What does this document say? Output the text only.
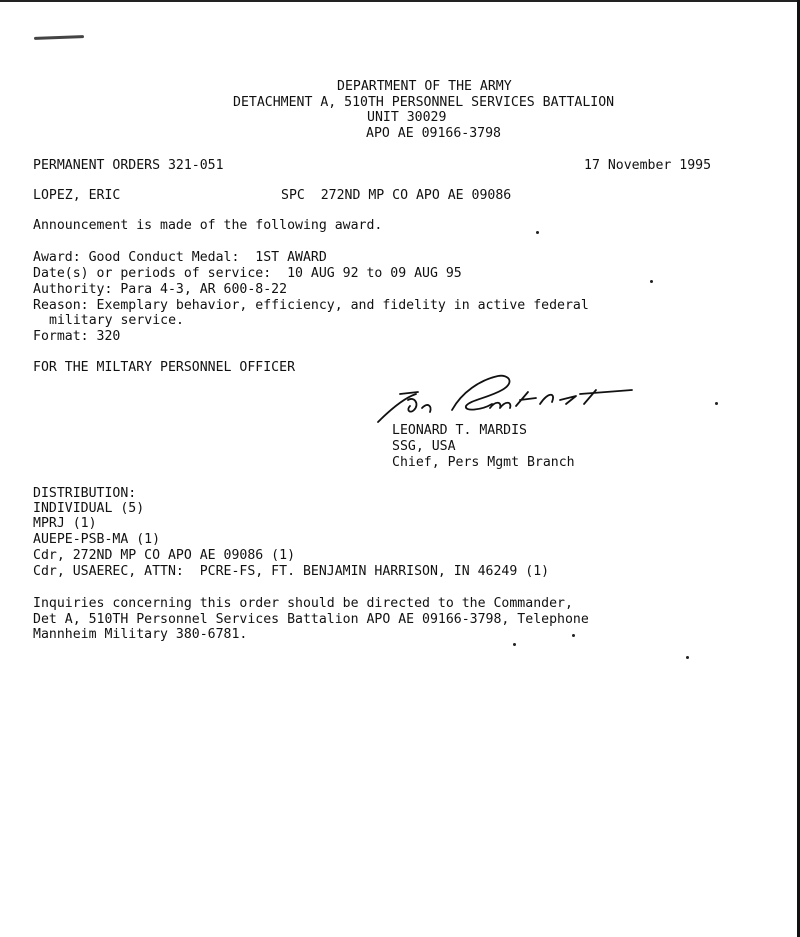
DEPARTMENT OF THE ARMY
DETACHMENT A, 510TH PERSONNEL SERVICES BATTALION
UNIT 30029
APO AE 09166-3798
PERMANENT ORDERS 321-051	17 November 1995
LOPEZ, ERIC	SPC  272ND MP CO APO AE 09086
Announcement is made of the following award.
Award: Good Conduct Medal:  1ST AWARD
Date(s) or periods of service:  10 AUG 92 to 09 AUG 95
Authority: Para 4-3, AR 600-8-22
Reason: Exemplary behavior, efficiency, and fidelity in active federal
military service.
Format: 320
FOR THE MILTARY PERSONNEL OFFICER
LEONARD T. MARDIS
SSG, USA
Chief, Pers Mgmt Branch
DISTRIBUTION:
INDIVIDUAL (5)
MPRJ (1)
AUEPE-PSB-MA (1)
Cdr, 272ND MP CO APO AE 09086 (1)
Cdr, USAEREC, ATTN:  PCRE-FS, FT. BENJAMIN HARRISON, IN 46249 (1)
Inquiries concerning this order should be directed to the Commander,
Det A, 510TH Personnel Services Battalion APO AE 09166-3798, Telephone
Mannheim Military 380-6781.
